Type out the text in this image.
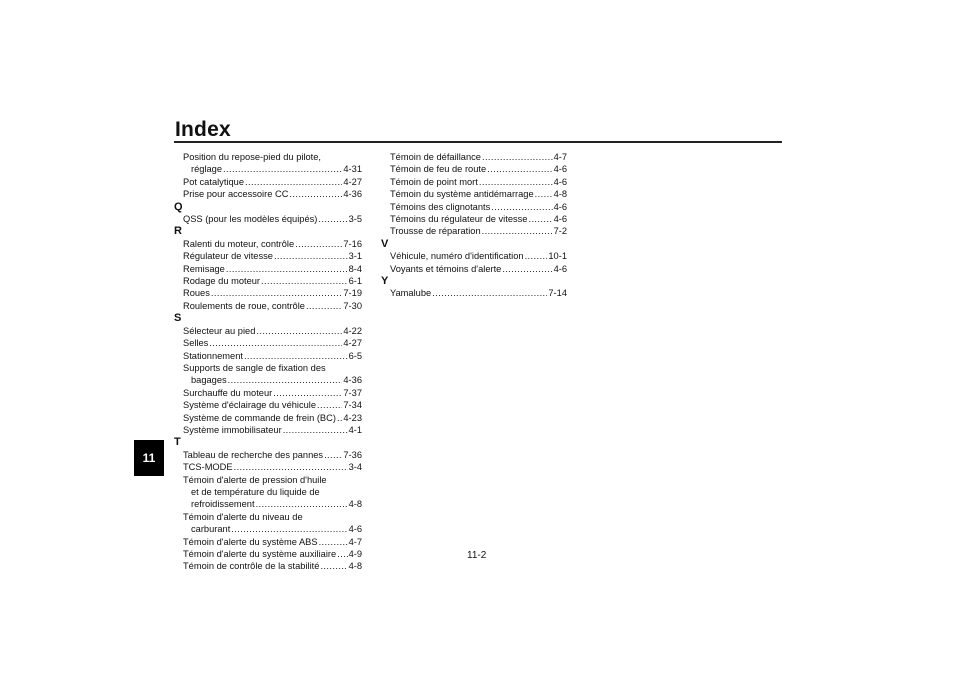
Index
11
Position du repose-pied du pilote,
réglage .....	4-31
Pot catalytique .....	4-27
Prise pour accessoire CC .....	4-36
Q
QSS (pour les modèles équipés) .....	3-5
R
Ralenti du moteur, contrôle .....	7-16
Régulateur de vitesse .....	3-1
Remisage .....	8-4
Rodage du moteur .....	6-1
Roues .....	7-19
Roulements de roue, contrôle .....	7-30
S
Sélecteur au pied .....	4-22
Selles .....	4-27
Stationnement .....	6-5
Supports de sangle de fixation des
bagages .....	4-36
Surchauffe du moteur .....	7-37
Système d'éclairage du véhicule .....	7-34
Système de commande de frein (BC) ..... 4-23
Système immobilisateur .....	4-1
T
Tableau de recherche des pannes ..... 7-36
TCS-MODE .....	3-4
Témoin d'alerte de pression d'huile
et de température du liquide de
refroidissement .....	4-8
Témoin d'alerte du niveau de
carburant .....	4-6
Témoin d'alerte du système ABS .....	4-7
Témoin d'alerte du système auxiliaire ..... 4-9
Témoin de contrôle de la stabilité .....	4-8
Témoin de défaillance .....	4-7
Témoin de feu de route .....	4-6
Témoin de point mort .....	4-6
Témoin du système antidémarrage ..... 4-8
Témoins des clignotants .....	4-6
Témoins du régulateur de vitesse .....	4-6
Trousse de réparation .....	7-2
V
Véhicule, numéro d'identification .....	10-1
Voyants et témoins d'alerte .....	4-6
Y
Yamalube .....	7-14
11-2
